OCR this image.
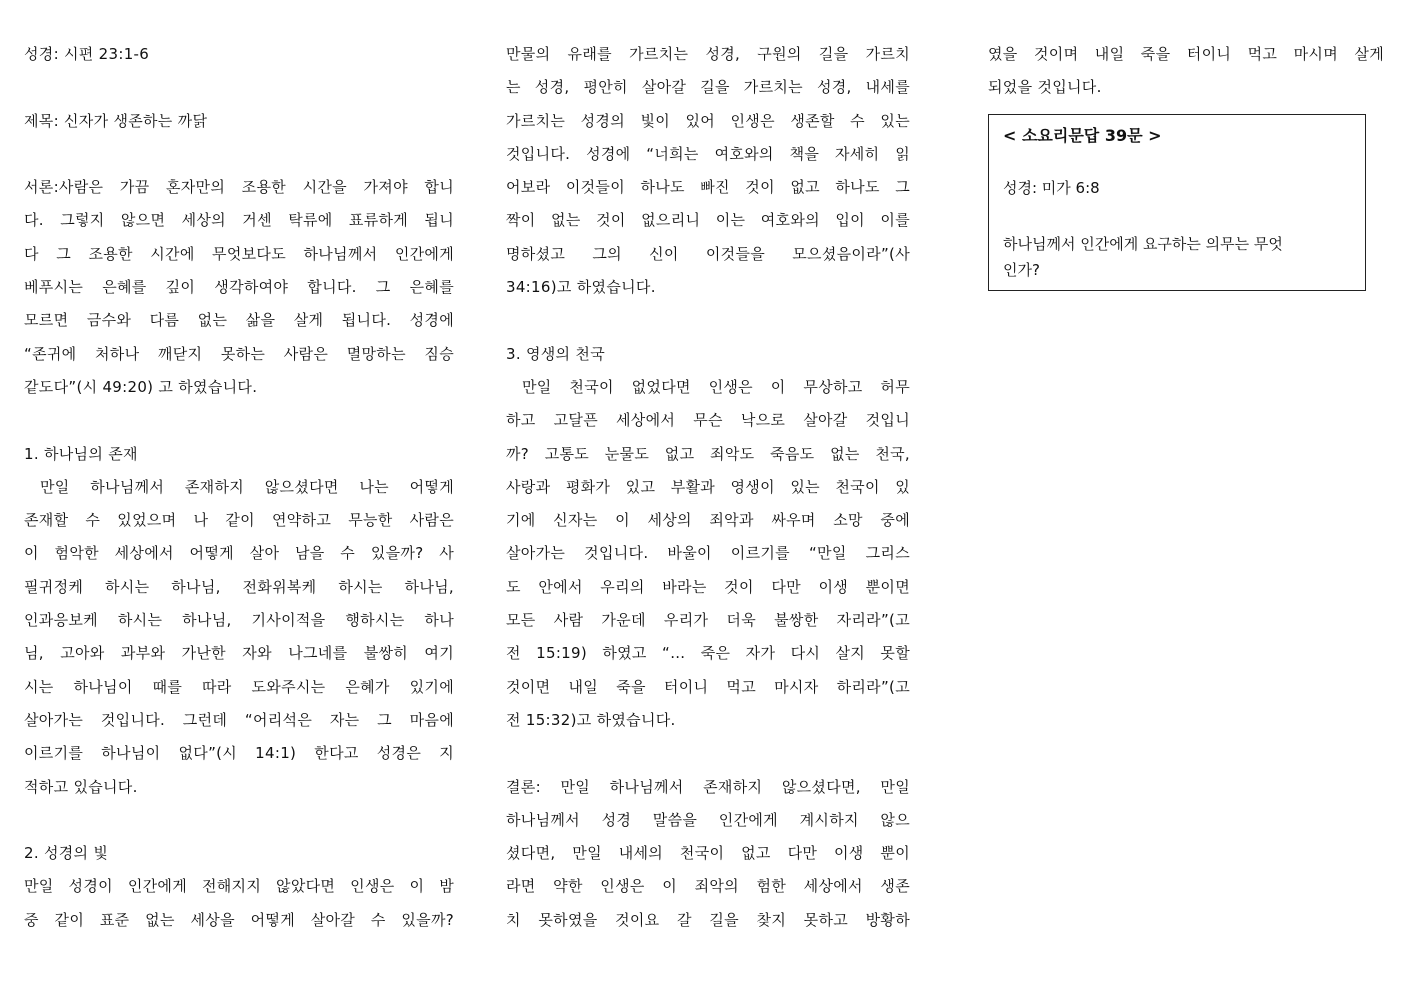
성경: 시편 23:1-6
제목: 신자가 생존하는 까닭
서론:사람은 가끔 혼자만의 조용한 시간을 가져야 합니
다. 그렇지 않으면 세상의 거센 탁류에 표류하게 됩니
다 그 조용한 시간에 무엇보다도 하나님께서 인간에게
베푸시는 은혜를 깊이 생각하여야 합니다. 그 은혜를
모르면 금수와 다름 없는 삶을 살게 됩니다. 성경에
“존귀에 처하나 깨닫지 못하는 사람은 멸망하는 짐승
같도다”(시 49:20) 고 하였습니다.
1. 하나님의 존재
만일 하나님께서 존재하지 않으셨다면 나는 어떻게
존재할 수 있었으며 나 같이 연약하고 무능한 사람은
이 험악한 세상에서 어떻게 살아 남을 수 있을까? 사
필귀정케 하시는 하나님, 전화위복케 하시는 하나님,
인과응보케 하시는 하나님, 기사이적을 행하시는 하나
님, 고아와 과부와 가난한 자와 나그네를 불쌍히 여기
시는 하나님이 때를 따라 도와주시는 은혜가 있기에
살아가는 것입니다. 그런데 “어리석은 자는 그 마음에
이르기를 하나님이 없다”(시 14:1) 한다고 성경은 지
적하고 있습니다.
2. 성경의 빛
만일 성경이 인간에게 전해지지 않았다면 인생은 이 밤
중 같이 표준 없는 세상을 어떻게 살아갈 수 있을까?
만물의 유래를 가르치는 성경, 구원의 길을 가르치
는 성경, 평안히 살아갈 길을 가르치는 성경, 내세를
가르치는 성경의 빛이 있어 인생은 생존할 수 있는
것입니다. 성경에 “너희는 여호와의 책을 자세히 읽
어보라 이것들이 하나도 빠진 것이 없고 하나도 그
짝이 없는 것이 없으리니 이는 여호와의 입이 이를
명하셨고 그의 신이 이것들을 모으셨음이라”(사
34:16)고 하였습니다.
3. 영생의 천국
만일 천국이 없었다면 인생은 이 무상하고 허무
하고 고달픈 세상에서 무슨 낙으로 살아갈 것입니
까? 고통도 눈물도 없고 죄악도 죽음도 없는 천국,
사랑과 평화가 있고 부활과 영생이 있는 천국이 있
기에 신자는 이 세상의 죄악과 싸우며 소망 중에
살아가는 것입니다. 바울이 이르기를 “만일 그리스
도 안에서 우리의 바라는 것이 다만 이생 뿐이면
모든 사람 가운데 우리가 더욱 불쌍한 자리라”(고
전 15:19) 하였고 “… 죽은 자가 다시 살지 못할
것이면 내일 죽을 터이니 먹고 마시자 하리라”(고
전 15:32)고 하였습니다.
결론: 만일 하나님께서 존재하지 않으셨다면, 만일
하나님께서 성경 말씀을 인간에게 계시하지 않으
셨다면, 만일 내세의 천국이 없고 다만 이생 뿐이
라면 약한 인생은 이 죄악의 험한 세상에서 생존
치 못하였을 것이요 갈 길을 찾지 못하고 방황하
였을 것이며 내일 죽을 터이니 먹고 마시며 살게
되었을 것입니다.
< 소요리문답 39문 >
성경: 미가 6:8
하나님께서 인간에게 요구하는 의무는 무엇
인가?
